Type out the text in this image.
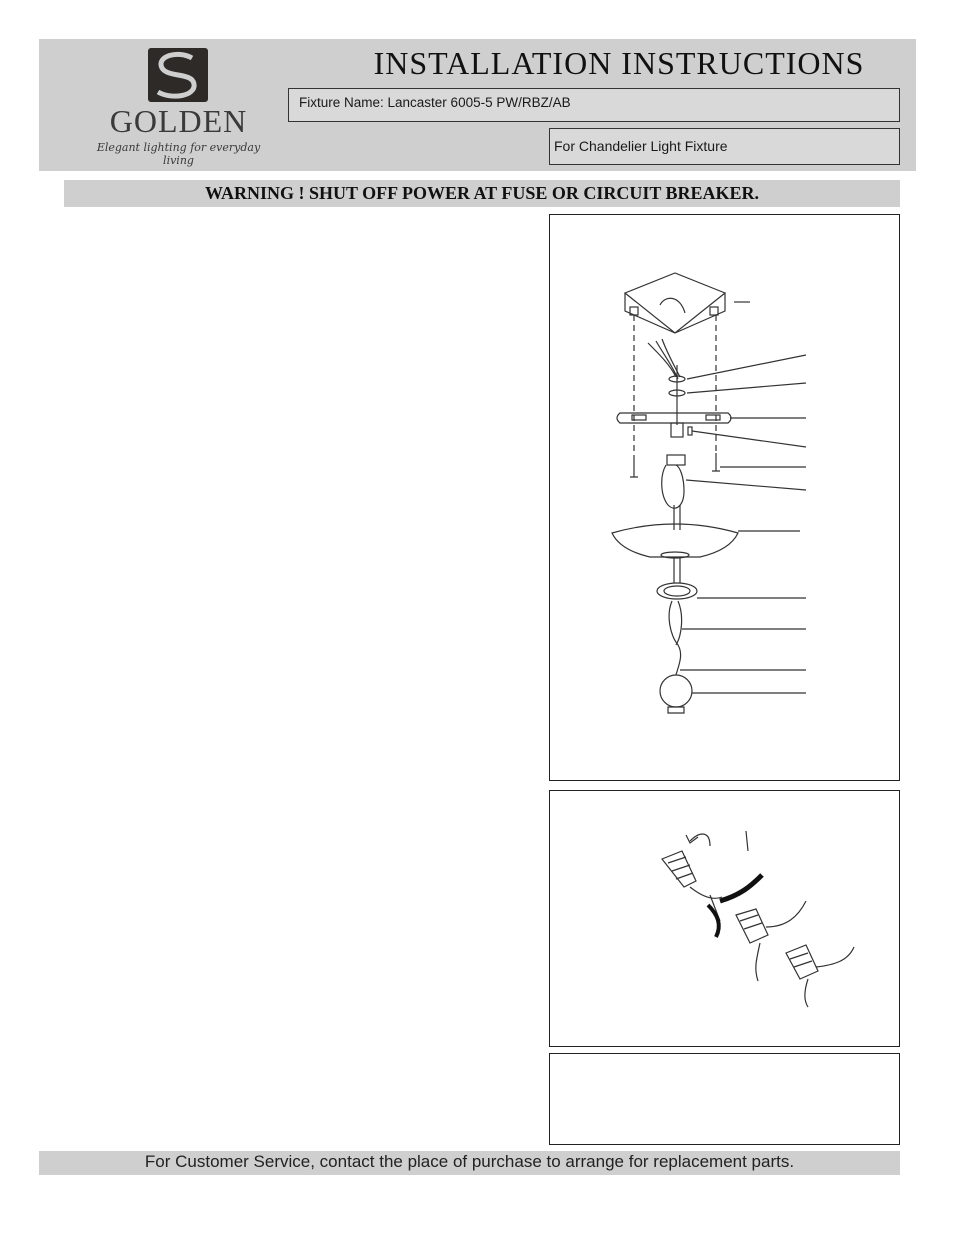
GOLDEN
Elegant lighting for everyday living
INSTALLATION INSTRUCTIONS
Fixture Name: Lancaster 6005-5 PW/RBZ/AB
For Chandelier Light Fixture
WARNING ! SHUT OFF POWER AT FUSE OR CIRCUIT BREAKER.
For Customer Service, contact the place of purchase to arrange for replacement parts.
